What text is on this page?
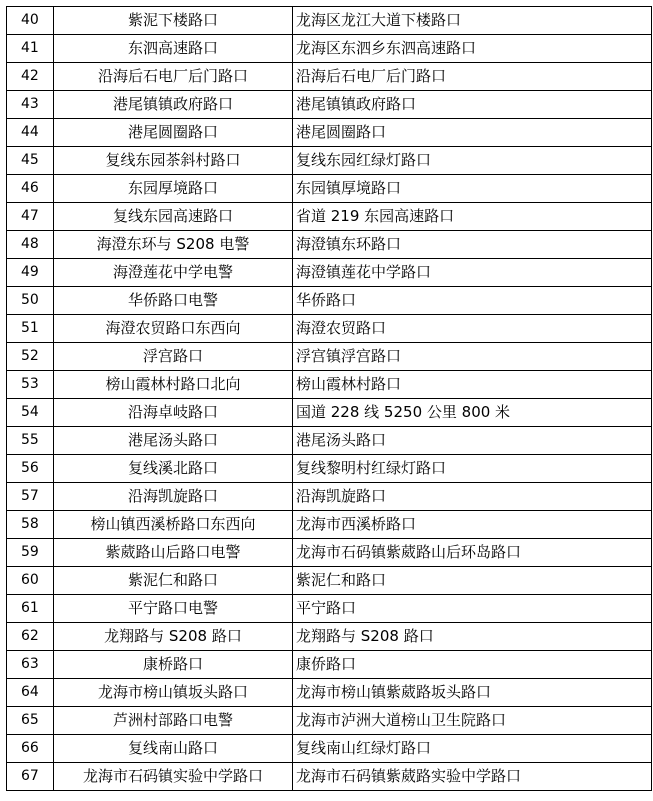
40	紫泥下楼路口	龙海区龙江大道下楼路口
41	东泗高速路口	龙海区东泗乡东泗高速路口
42	沿海后石电厂后门路口	沿海后石电厂后门路口
43	港尾镇镇政府路口	港尾镇镇政府路口
44	港尾圆圈路口	港尾圆圈路口
45	复线东园茶斜村路口	复线东园红绿灯路口
46	东园厚境路口	东园镇厚境路口
47	复线东园高速路口	省道 219 东园高速路口
48	海澄东环与 S208 电警	海澄镇东环路口
49	海澄莲花中学电警	海澄镇莲花中学路口
50	华侨路口电警	华侨路口
51	海澄农贸路口东西向	海澄农贸路口
52	浮宫路口	浮宫镇浮宫路口
53	榜山霞林村路口北向	榜山霞林村路口
54	沿海卓岐路口	国道 228 线 5250 公里 800 米
55	港尾汤头路口	港尾汤头路口
56	复线溪北路口	复线黎明村红绿灯路口
57	沿海凯旋路口	沿海凯旋路口
58	榜山镇西溪桥路口东西向	龙海市西溪桥路口
59	紫葳路山后路口电警	龙海市石码镇紫葳路山后环岛路口
60	紫泥仁和路口	紫泥仁和路口
61	平宁路口电警	平宁路口
62	龙翔路与 S208 路口	龙翔路与 S208 路口
63	康桥路口	康侨路口
64	龙海市榜山镇坂头路口	龙海市榜山镇紫葳路坂头路口
65	芦洲村部路口电警	龙海市泸洲大道榜山卫生院路口
66	复线南山路口	复线南山红绿灯路口
67	龙海市石码镇实验中学路口	龙海市石码镇紫葳路实验中学路口
